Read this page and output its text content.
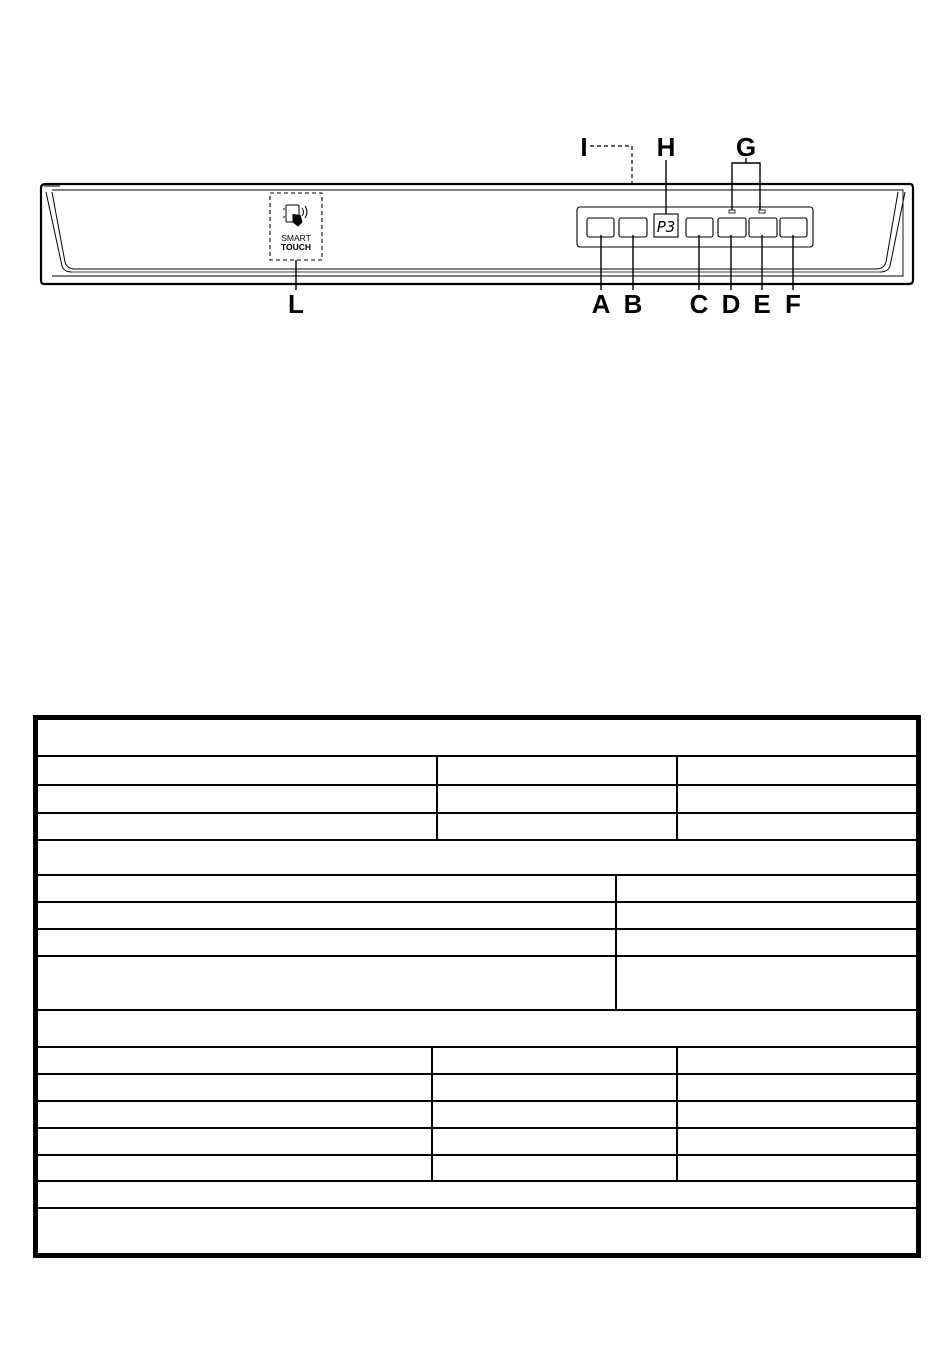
SMART
TOUCH
P3
A B C D E F
L
H G
I
